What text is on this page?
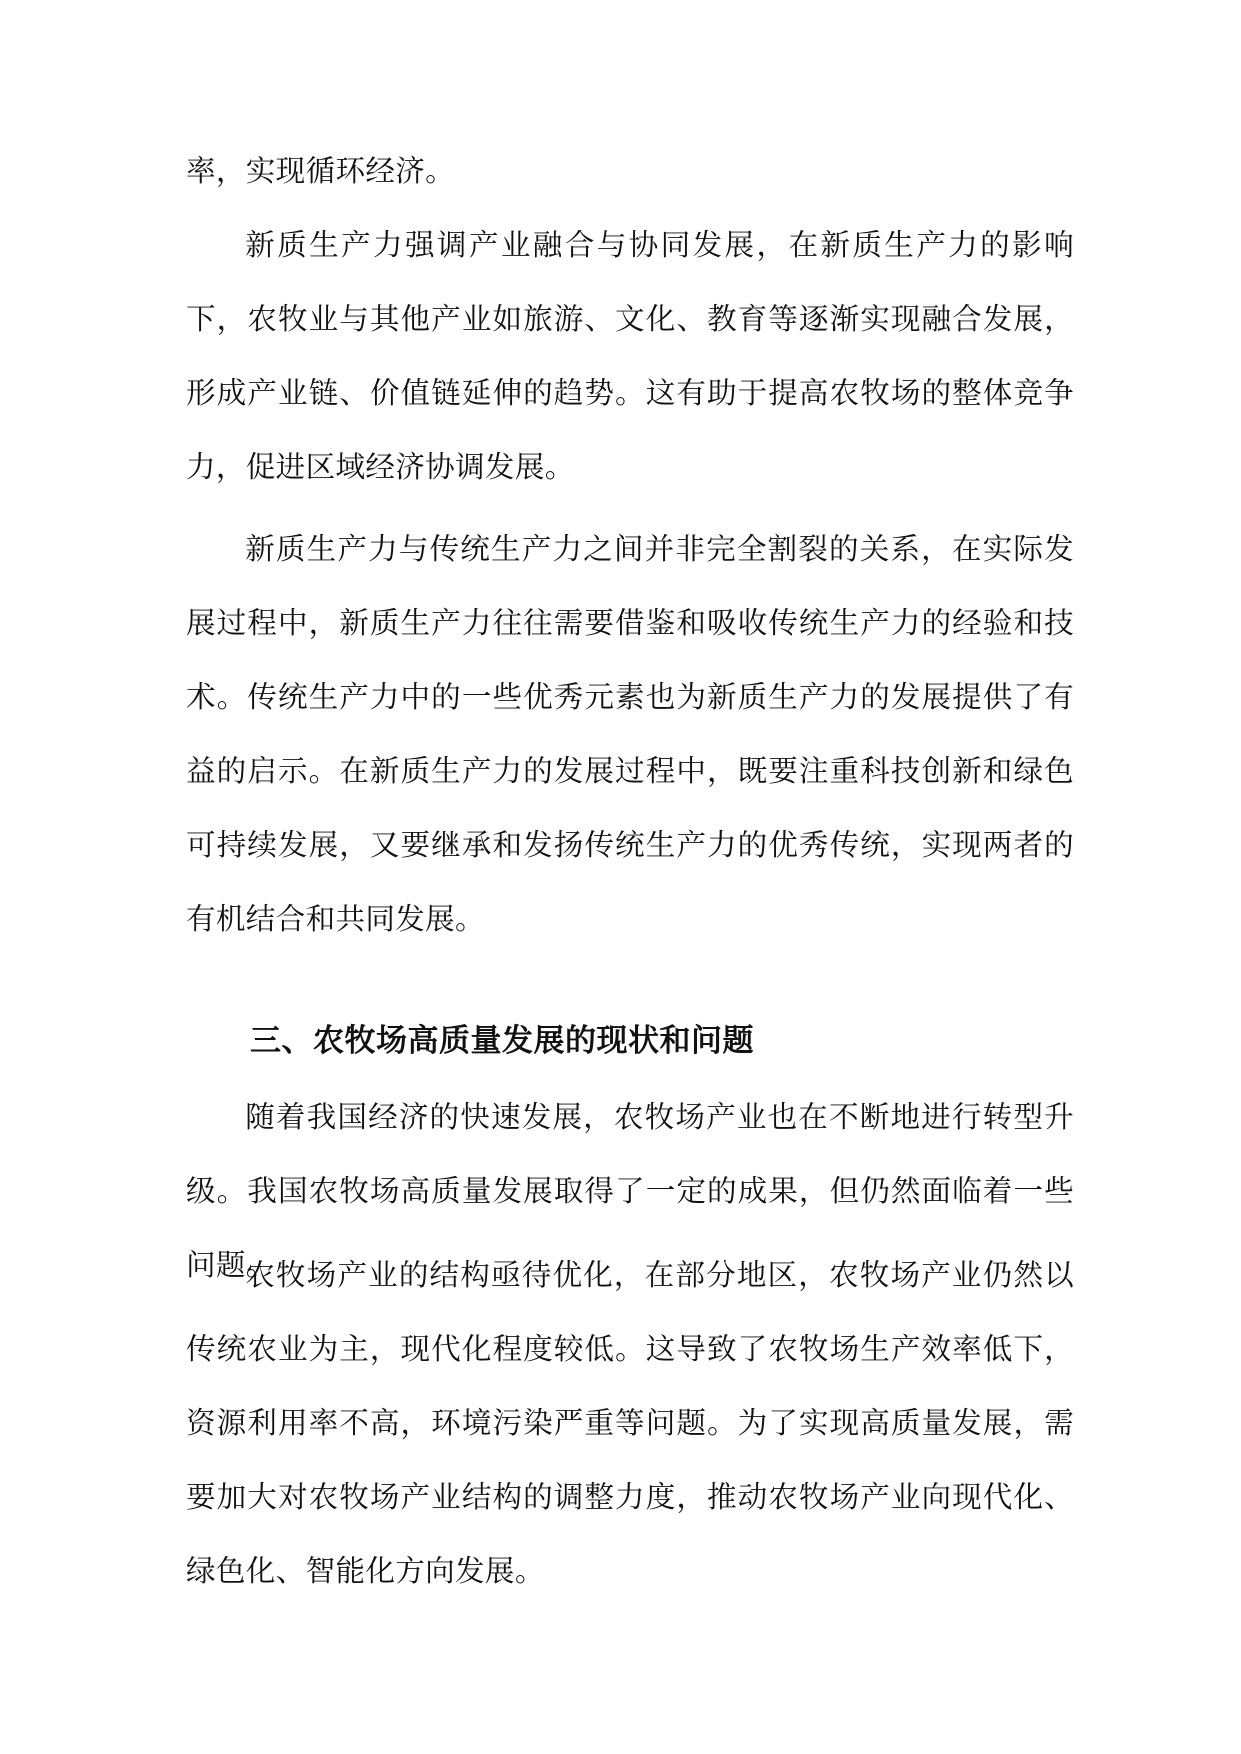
率，实现循环经济。

新质生产力强调产业融合与协同发展，在新质生产力的影响下，农牧业与其他产业如旅游、文化、教育等逐渐实现融合发展，形成产业链、价值链延伸的趋势。这有助于提高农牧场的整体竞争力，促进区域经济协调发展。

新质生产力与传统生产力之间并非完全割裂的关系，在实际发展过程中，新质生产力往往需要借鉴和吸收传统生产力的经验和技术。传统生产力中的一些优秀元素也为新质生产力的发展提供了有益的启示。在新质生产力的发展过程中，既要注重科技创新和绿色可持续发展，又要继承和发扬传统生产力的优秀传统，实现两者的有机结合和共同发展。

三、农牧场高质量发展的现状和问题

随着我国经济的快速发展，农牧场产业也在不断地进行转型升级。我国农牧场高质量发展取得了一定的成果，但仍然面临着一些问题。

农牧场产业的结构亟待优化，在部分地区，农牧场产业仍然以传统农业为主，现代化程度较低。这导致了农牧场生产效率低下，资源利用率不高，环境污染严重等问题。为了实现高质量发展，需要加大对农牧场产业结构的调整力度，推动农牧场产业向现代化、绿色化、智能化方向发展。
